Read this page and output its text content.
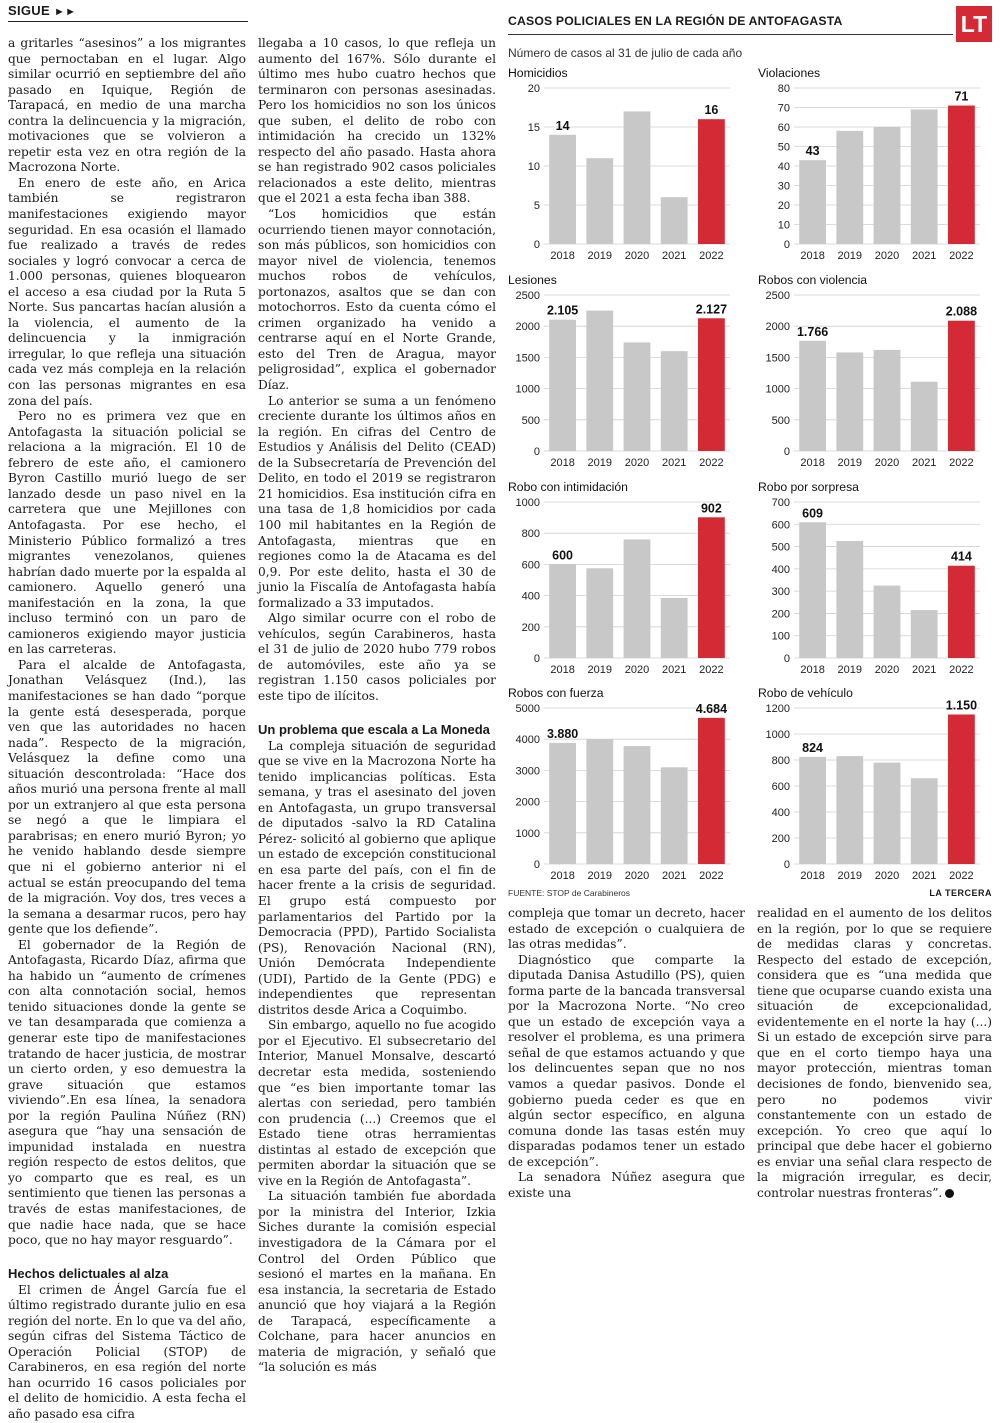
SIGUE ►►

a gritarles “asesinos” a los migrantes que pernoctaban en el lugar. Algo similar ocurrió en septiembre del año pasado en Iquique, Región de Tarapacá, en medio de una marcha contra la delincuencia y la migración, motivaciones que se volvieron a repetir esta vez en otra región de la Macrozona Norte.

En enero de este año, en Arica también se registraron manifestaciones exigiendo mayor seguridad. En esa ocasión el llamado fue realizado a través de redes sociales y logró convocar a cerca de 1.000 personas, quienes bloquearon el acceso a esa ciudad por la Ruta 5 Norte. Sus pancartas hacían alusión a la violencia, el aumento de la delincuencia y la inmigración irregular, lo que refleja una situación cada vez más compleja en la relación con las personas migrantes en esa zona del país.

Pero no es primera vez que en Antofagasta la situación policial se relaciona a la migración. El 10 de febrero de este año, el camionero Byron Castillo murió luego de ser lanzado desde un paso nivel en la carretera que une Mejillones con Antofagasta. Por ese hecho, el Ministerio Público formalizó a tres migrantes venezolanos, quienes habrían dado muerte por la espalda al camionero. Aquello generó una manifestación en la zona, la que incluso terminó con un paro de camioneros exigiendo mayor justicia en las carreteras.

Para el alcalde de Antofagasta, Jonathan Velásquez (Ind.), las manifestaciones se han dado “porque la gente está desesperada, porque ven que las autoridades no hacen nada”. Respecto de la migración, Velásquez la define como una situación descontrolada: “Hace dos años murió una persona frente al mall por un extranjero al que esta persona se negó a que le limpiara el parabrisas; en enero murió Byron; yo he venido hablando desde siempre que ni el gobierno anterior ni el actual se están preocupando del tema de la migración. Voy dos, tres veces a la semana a desarmar rucos, pero hay gente que los defiende”.

El gobernador de la Región de Antofagasta, Ricardo Díaz, afirma que ha habido un “aumento de crímenes con alta connotación social, hemos tenido situaciones donde la gente se ve tan desamparada que comienza a generar este tipo de manifestaciones tratando de hacer justicia, de mostrar un cierto orden, y eso demuestra la grave situación que estamos viviendo”.En esa línea, la senadora por la región Paulina Núñez (RN) asegura que “hay una sensación de impunidad instalada en nuestra región respecto de estos delitos, que yo comparto que es real, es un sentimiento que tienen las personas a través de estas manifestaciones, de que nadie hace nada, que se hace poco, que no hay mayor resguardo”.

Hechos delictuales al alza

El crimen de Ángel García fue el último registrado durante julio en esa región del norte. En lo que va del año, según cifras del Sistema Táctico de Operación Policial (STOP) de Carabineros, en esa región del norte han ocurrido 16 casos policiales por el delito de homicidio. A esta fecha el año pasado esa cifra

llegaba a 10 casos, lo que refleja un aumento del 167%. Sólo durante el último mes hubo cuatro hechos que terminaron con personas asesinadas. Pero los homicidios no son los únicos que suben, el delito de robo con intimidación ha crecido un 132% respecto del año pasado. Hasta ahora se han registrado 902 casos policiales relacionados a este delito, mientras que el 2021 a esta fecha iban 388.

“Los homicidios que están ocurriendo tienen mayor connotación, son más públicos, son homicidios con mayor nivel de violencia, tenemos muchos robos de vehículos, portonazos, asaltos que se dan con motochorros. Esto da cuenta cómo el crimen organizado ha venido a centrarse aquí en el Norte Grande, esto del Tren de Aragua, mayor peligrosidad”, explica el gobernador Díaz.

Lo anterior se suma a un fenómeno creciente durante los últimos años en la región. En cifras del Centro de Estudios y Análisis del Delito (CEAD) de la Subsecretaría de Prevención del Delito, en todo el 2019 se registraron 21 homicidios. Esa institución cifra en una tasa de 1,8 homicidios por cada 100 mil habitantes en la Región de Antofagasta, mientras que en regiones como la de Atacama es del 0,9. Por este delito, hasta el 30 de junio la Fiscalía de Antofagasta había formalizado a 33 imputados.

Algo similar ocurre con el robo de vehículos, según Carabineros, hasta el 31 de julio de 2020 hubo 779 robos de automóviles, este año ya se registran 1.150 casos policiales por este tipo de ilícitos.

Un problema que escala a La Moneda

La compleja situación de seguridad que se vive en la Macrozona Norte ha tenido implicancias políticas. Esta semana, y tras el asesinato del joven en Antofagasta, un grupo transversal de diputados -salvo la RD Catalina Pérez- solicitó al gobierno que aplique un estado de excepción constitucional en esa parte del país, con el fin de hacer frente a la crisis de seguridad. El grupo está compuesto por parlamentarios del Partido por la Democracia (PPD), Partido Socialista (PS), Renovación Nacional (RN), Unión Demócrata Independiente (UDI), Partido de la Gente (PDG) e independientes que representan distritos desde Arica a Coquimbo.

Sin embargo, aquello no fue acogido por el Ejecutivo. El subsecretario del Interior, Manuel Monsalve, descartó decretar esta medida, sosteniendo que “es bien importante tomar las alertas con seriedad, pero también con prudencia (...) Creemos que el Estado tiene otras herramientas distintas al estado de excepción que permiten abordar la situación que se vive en la Región de Antofagasta”.

La situación también fue abordada por la ministra del Interior, Izkia Siches durante la comisión especial investigadora de la Cámara por el Control del Orden Público que sesionó el martes en la mañana. En esa instancia, la secretaria de Estado anunció que hoy viajará a la Región de Tarapacá, específicamente a Colchane, para hacer anuncios en materia de migración, y señaló que “la solución es más

CASOS POLICIALES EN LA REGIÓN DE ANTOFAGASTA	LT
Número de casos al 31 de julio de cada año
Homicidios
0
5
10
15
20
2018
14
2019 2020 2021 2022
16
Violaciones
0
10
20
30
40
50
60
70
80
2018
43
2019 2020 2021 2022
71
Lesiones
0
500
1000
1500
2000
2500
2018
2.105
2019 2020 2021 2022
2.127
Robos con violencia
0
500
1000
1500
2000
2500
2018
1.766
2019 2020 2021 2022
2.088
Robo con intimidación
0
200
400
600
800
1000
2018
600
2019 2020 2021 2022
902
Robo por sorpresa
0
100
200
300
400
500
600
700
2018
609
2019 2020 2021 2022
414
Robos con fuerza
0
1000
2000
3000
4000
5000
2018
3.880
2019 2020 2021 2022
4.684
Robo de vehículo
0
200
400
600
800
1000
1200
2018
824
2019 2020 2021 2022
1.150
FUENTE: STOP de Carabineros	LA TERCERA

compleja que tomar un decreto, hacer estado de excepción o cualquiera de las otras medidas”.

Diagnóstico que comparte la diputada Danisa Astudillo (PS), quien forma parte de la bancada transversal por la Macrozona Norte. “No creo que un estado de excepción vaya a resolver el problema, es una primera señal de que estamos actuando y que los delincuentes sepan que no nos vamos a quedar pasivos. Donde el gobierno pueda ceder es que en algún sector específico, en alguna comuna donde las tasas estén muy disparadas podamos tener un estado de excepción”.

La senadora Núñez asegura que existe una

realidad en el aumento de los delitos en la región, por lo que se requiere de medidas claras y concretas. Respecto del estado de excepción, considera que es “una medida que tiene que ocuparse cuando exista una situación de excepcionalidad, evidentemente en el norte la hay (...) Si un estado de excepción sirve para que en el corto tiempo haya una mayor protección, mientras toman decisiones de fondo, bienvenido sea, pero no podemos vivir constantemente con un estado de excepción. Yo creo que aquí lo principal que debe hacer el gobierno es enviar una señal clara respecto de la migración irregular, es decir, controlar nuestras fronteras”.
